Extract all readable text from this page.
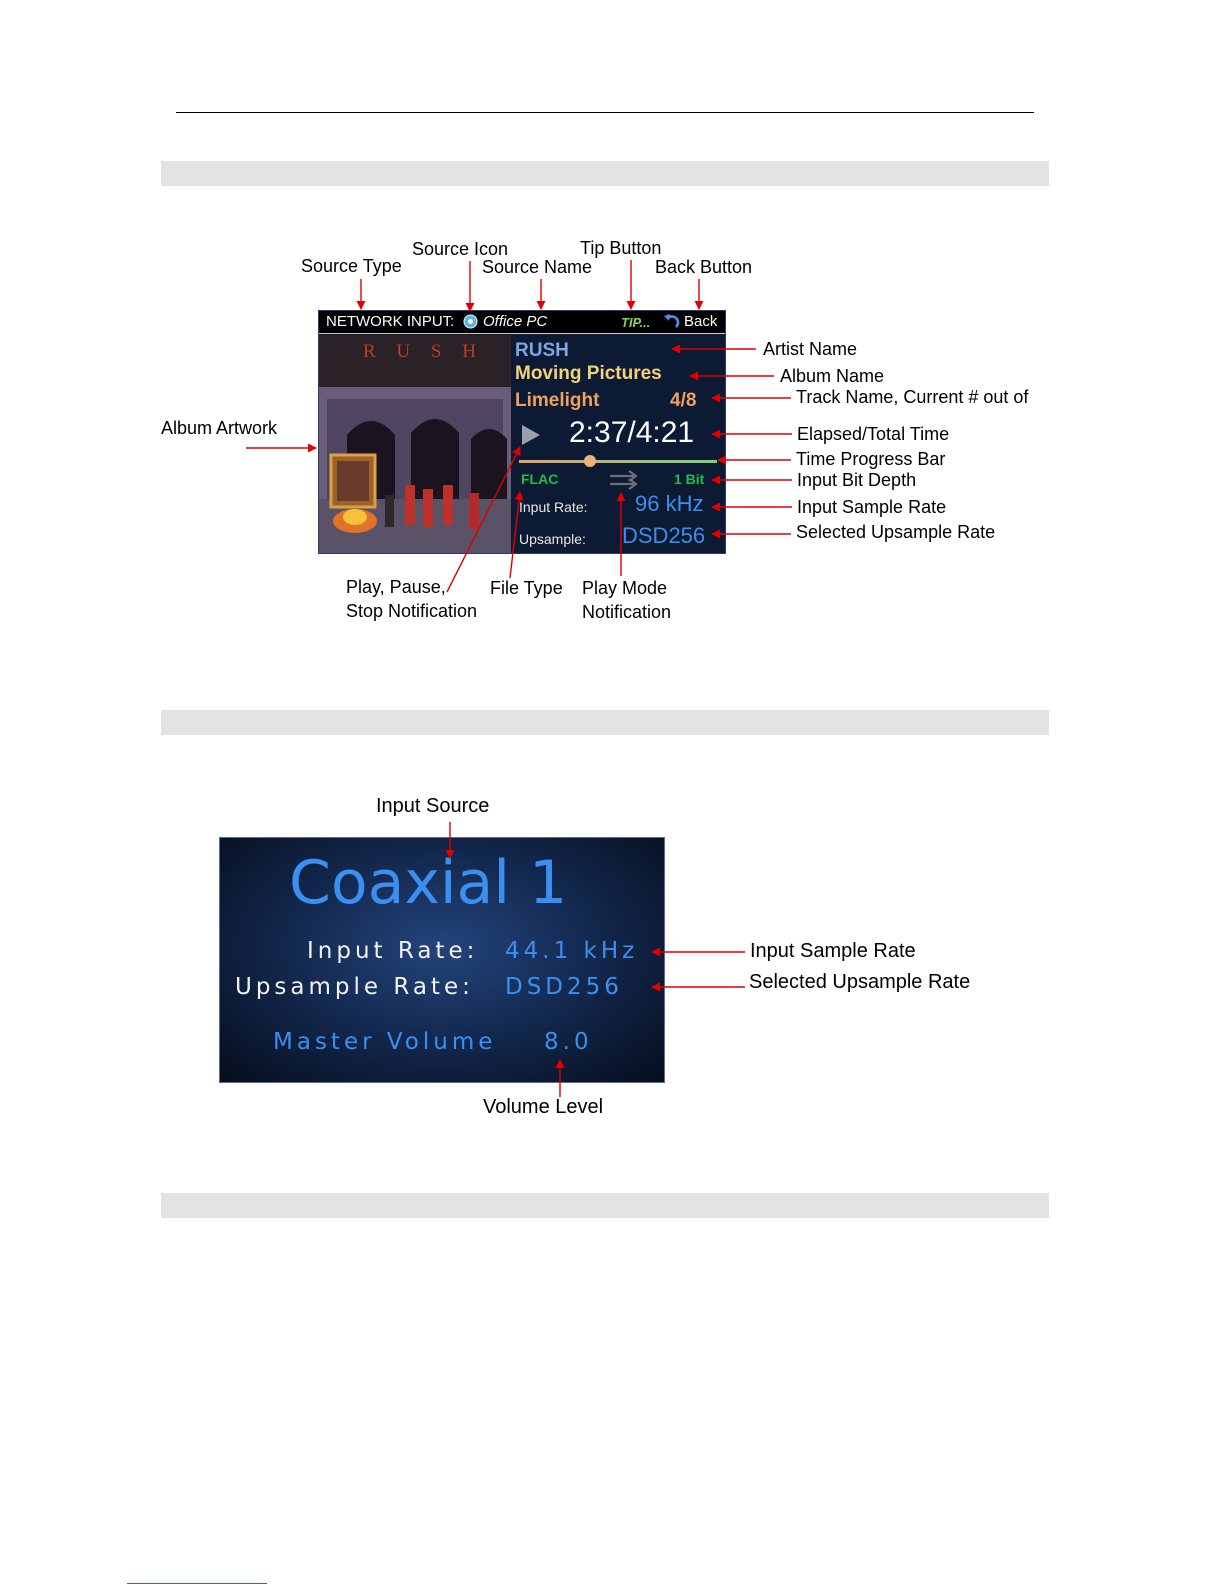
NETWORK INPUT: Office PC	TIP... Back
R U S H RUSH
Moving Pictures
Limelight	4/8
2:37/4:21
FLAC	1 Bit
Input Rate: 96 kHz
Upsample: DSD256
Source Type
Source Icon
Source Name
Tip Button
Back Button
Artist Name
Album Name
Track Name, Current # out of
Elapsed/Total Time
Time Progress Bar
Input Bit Depth
Input Sample Rate
Selected Upsample Rate
Album Artwork
Play, Pause,
Stop Notification
File Type Play Mode
Notification
Coaxial 1
Input Rate: 44.1 kHz
Upsample Rate: DSD256
Master Volume 8.0
Input Source
Input Sample Rate
Selected Upsample Rate
Volume Level
